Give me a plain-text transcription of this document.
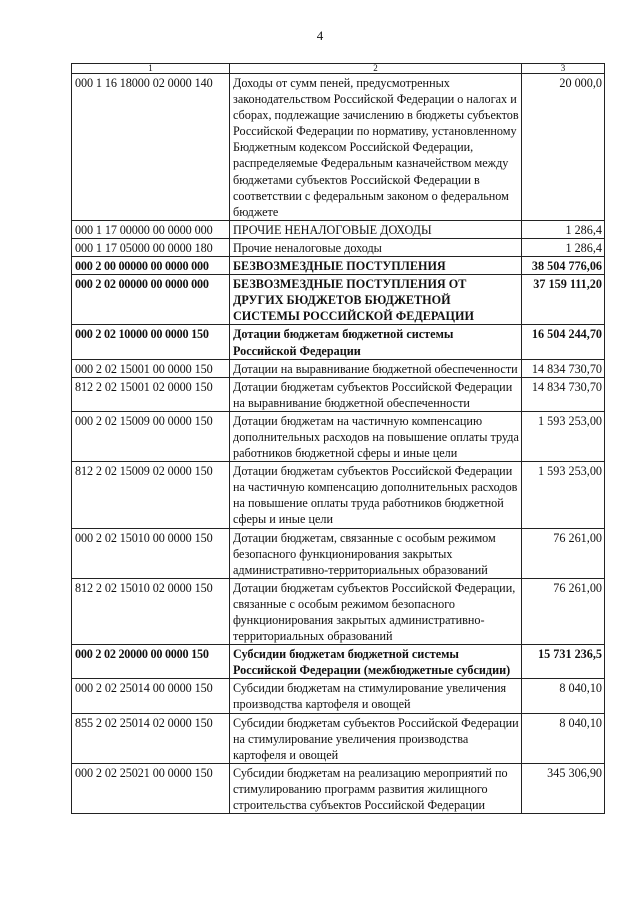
4
1	2	3
000 1 16 18000 02 0000 140	Доходы от сумм пеней, предусмотренных законодательством Российской Федерации о налогах и сборах, подлежащие зачислению в бюджеты субъектов Российской Федерации по нормативу, установленному Бюджетным кодексом Российской Федерации, распределяемые Федеральным казначейством между бюджетами субъектов Российской Федерации в соответствии с федеральным законом о федеральном бюджете	20 000,0
000 1 17 00000 00 0000 000	ПРОЧИЕ НЕНАЛОГОВЫЕ ДОХОДЫ	1 286,4
000 1 17 05000 00 0000 180	Прочие неналоговые доходы	1 286,4
000 2 00 00000 00 0000 000	БЕЗВОЗМЕЗДНЫЕ ПОСТУПЛЕНИЯ	38 504 776,06
000 2 02 00000 00 0000 000	БЕЗВОЗМЕЗДНЫЕ ПОСТУПЛЕНИЯ ОТ ДРУГИХ БЮДЖЕТОВ БЮДЖЕТНОЙ СИСТЕМЫ РОССИЙСКОЙ ФЕДЕРАЦИИ	37 159 111,20
000 2 02 10000 00 0000 150	Дотации бюджетам бюджетной системы Российской Федерации	16 504 244,70
000 2 02 15001 00 0000 150	Дотации на выравнивание бюджетной обеспеченности	14 834 730,70
812 2 02 15001 02 0000 150	Дотации бюджетам субъектов Российской Федерации на выравнивание бюджетной обеспеченности	14 834 730,70
000 2 02 15009 00 0000 150	Дотации бюджетам на частичную компенсацию дополнительных расходов на повышение оплаты труда работников бюджетной сферы и иные цели	1 593 253,00
812 2 02 15009 02 0000 150	Дотации бюджетам субъектов Российской Федерации на частичную компенсацию дополнительных расходов на повышение оплаты труда работников бюджетной сферы и иные цели	1 593 253,00
000 2 02 15010 00 0000 150	Дотации бюджетам, связанные с особым режимом безопасного функционирования закрытых административно-территориальных образований	76 261,00
812 2 02 15010 02 0000 150	Дотации бюджетам субъектов Российской Федерации, связанные с особым режимом безопасного функционирования закрытых административно-территориальных образований	76 261,00
000 2 02 20000 00 0000 150	Субсидии бюджетам бюджетной системы Российской Федерации (межбюджетные субсидии)	15 731 236,5
000 2 02 25014 00 0000 150	Субсидии бюджетам на стимулирование увеличения производства картофеля и овощей	8 040,10
855 2 02 25014 02 0000 150	Субсидии бюджетам субъектов Российской Федерации на стимулирование увеличения производства картофеля и овощей	8 040,10
000 2 02 25021 00 0000 150	Субсидии бюджетам на реализацию мероприятий по стимулированию программ развития жилищного строительства субъектов Российской Федерации	345 306,90
